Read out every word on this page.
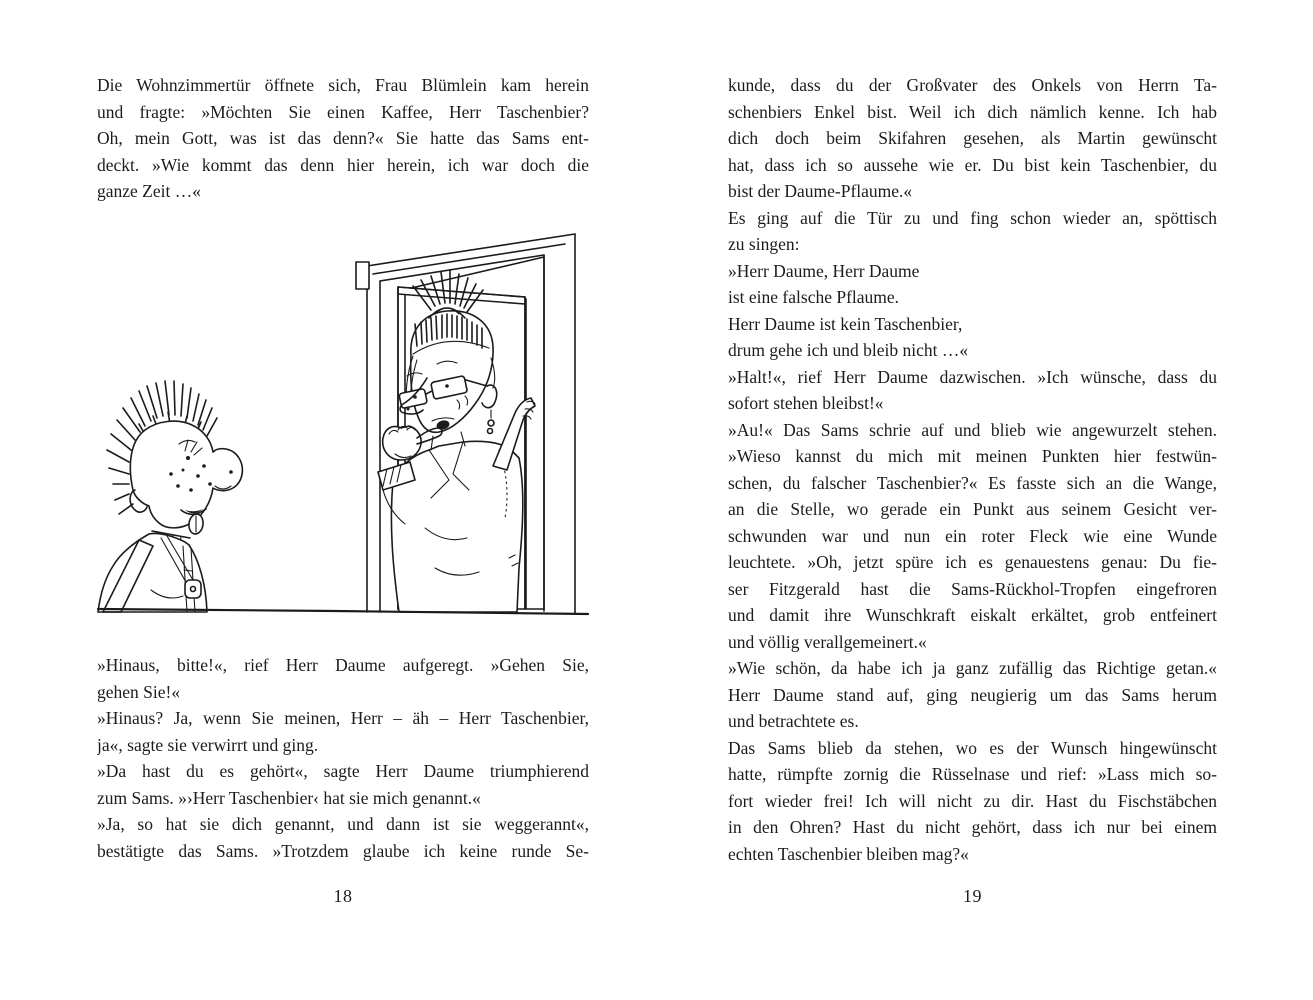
Die Wohnzimmertür öffnete sich, Frau Blümlein kam herein
und fragte: »Möchten Sie einen Kaffee, Herr Taschenbier?
Oh, mein Gott, was ist das denn?« Sie hatte das Sams ent-
deckt. »Wie kommt das denn hier herein, ich war doch die
ganze Zeit …«
»Hinaus, bitte!«, rief Herr Daume aufgeregt. »Gehen Sie,
gehen Sie!«
»Hinaus? Ja, wenn Sie meinen, Herr – äh – Herr Taschenbier,
ja«, sagte sie verwirrt und ging.
»Da hast du es gehört«, sagte Herr Daume triumphierend
zum Sams. »›Herr Taschenbier‹ hat sie mich genannt.«
»Ja, so hat sie dich genannt, und dann ist sie weggerannt«,
bestätigte das Sams. »Trotzdem glaube ich keine runde Se-
18
kunde, dass du der Großvater des Onkels von Herrn Ta-
schenbiers Enkel bist. Weil ich dich nämlich kenne. Ich hab
dich doch beim Skifahren gesehen, als Martin gewünscht
hat, dass ich so aussehe wie er. Du bist kein Taschenbier, du
bist der Daume-Pflaume.«
Es ging auf die Tür zu und fing schon wieder an, spöttisch
zu singen:
»Herr Daume, Herr Daume
ist eine falsche Pflaume.
Herr Daume ist kein Taschenbier,
drum gehe ich und bleib nicht …«
»Halt!«, rief Herr Daume dazwischen. »Ich wünsche, dass du
sofort stehen bleibst!«
»Au!« Das Sams schrie auf und blieb wie angewurzelt stehen.
»Wieso kannst du mich mit meinen Punkten hier festwün-
schen, du falscher Taschenbier?« Es fasste sich an die Wange,
an die Stelle, wo gerade ein Punkt aus seinem Gesicht ver-
schwunden war und nun ein roter Fleck wie eine Wunde
leuchtete. »Oh, jetzt spüre ich es genauestens genau: Du fie-
ser Fitzgerald hast die Sams-Rückhol-Tropfen eingefroren
und damit ihre Wunschkraft eiskalt erkältet, grob entfeinert
und völlig verallgemeinert.«
»Wie schön, da habe ich ja ganz zufällig das Richtige getan.«
Herr Daume stand auf, ging neugierig um das Sams herum
und betrachtete es.
Das Sams blieb da stehen, wo es der Wunsch hingewünscht
hatte, rümpfte zornig die Rüsselnase und rief: »Lass mich so-
fort wieder frei! Ich will nicht zu dir. Hast du Fischstäbchen
in den Ohren? Hast du nicht gehört, dass ich nur bei einem
echten Taschenbier bleiben mag?«
19
